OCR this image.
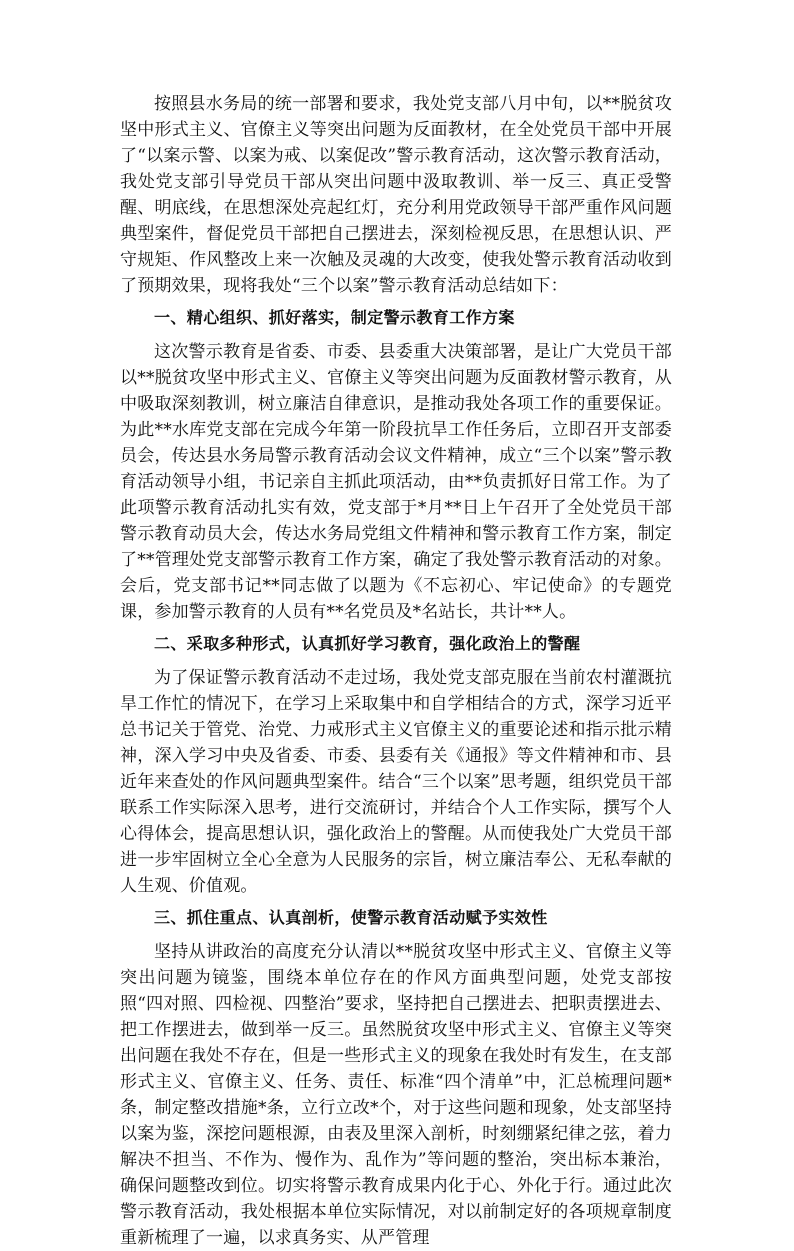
按照县水务局的统一部署和要求，我处党支部八月中旬，以**脱贫攻坚中形式主义、官僚主义等突出问题为反面教材，在全处党员干部中开展了“以案示警、以案为戒、以案促改”警示教育活动，这次警示教育活动，我处党支部引导党员干部从突出问题中汲取教训、举一反三、真正受警醒、明底线，在思想深处亮起红灯，充分利用党政领导干部严重作风问题典型案件，督促党员干部把自己摆进去，深刻检视反思，在思想认识、严守规矩、作风整改上来一次触及灵魂的大改变，使我处警示教育活动收到了预期效果，现将我处“三个以案”警示教育活动总结如下：

一、精心组织、抓好落实，制定警示教育工作方案

这次警示教育是省委、市委、县委重大决策部署，是让广大党员干部以**脱贫攻坚中形式主义、官僚主义等突出问题为反面教材警示教育，从中吸取深刻教训，树立廉洁自律意识，是推动我处各项工作的重要保证。为此**水库党支部在完成今年第一阶段抗旱工作任务后，立即召开支部委员会，传达县水务局警示教育活动会议文件精神，成立“三个以案”警示教育活动领导小组，书记亲自主抓此项活动，由**负责抓好日常工作。为了此项警示教育活动扎实有效，党支部于*月**日上午召开了全处党员干部警示教育动员大会，传达水务局党组文件精神和警示教育工作方案，制定了**管理处党支部警示教育工作方案，确定了我处警示教育活动的对象。会后，党支部书记**同志做了以题为《不忘初心、牢记使命》的专题党课，参加警示教育的人员有**名党员及*名站长，共计**人。

二、采取多种形式，认真抓好学习教育，强化政治上的警醒

为了保证警示教育活动不走过场，我处党支部克服在当前农村灌溉抗旱工作忙的情况下，在学习上采取集中和自学相结合的方式，深学习近平总书记关于管党、治党、力戒形式主义官僚主义的重要论述和指示批示精神，深入学习中央及省委、市委、县委有关《通报》等文件精神和市、县近年来查处的作风问题典型案件。结合“三个以案”思考题，组织党员干部联系工作实际深入思考，进行交流研讨，并结合个人工作实际，撰写个人心得体会，提高思想认识，强化政治上的警醒。从而使我处广大党员干部进一步牢固树立全心全意为人民服务的宗旨，树立廉洁奉公、无私奉献的人生观、价值观。

三、抓住重点、认真剖析，使警示教育活动赋予实效性

坚持从讲政治的高度充分认清以**脱贫攻坚中形式主义、官僚主义等突出问题为镜鉴，围绕本单位存在的作风方面典型问题，处党支部按照“四对照、四检视、四整治”要求，坚持把自己摆进去、把职责摆进去、把工作摆进去，做到举一反三。虽然脱贫攻坚中形式主义、官僚主义等突出问题在我处不存在，但是一些形式主义的现象在我处时有发生，在支部形式主义、官僚主义、任务、责任、标准“四个清单”中，汇总梳理问题*条，制定整改措施*条，立行立改*个，对于这些问题和现象，处支部坚持以案为鉴，深挖问题根源，由表及里深入剖析，时刻绷紧纪律之弦，着力解决不担当、不作为、慢作为、乱作为”等问题的整治，突出标本兼治，确保问题整改到位。切实将警示教育成果内化于心、外化于行。通过此次警示教育活动，我处根据本单位实际情况，对以前制定好的各项规章制度重新梳理了一遍，以求真务实、从严管理
